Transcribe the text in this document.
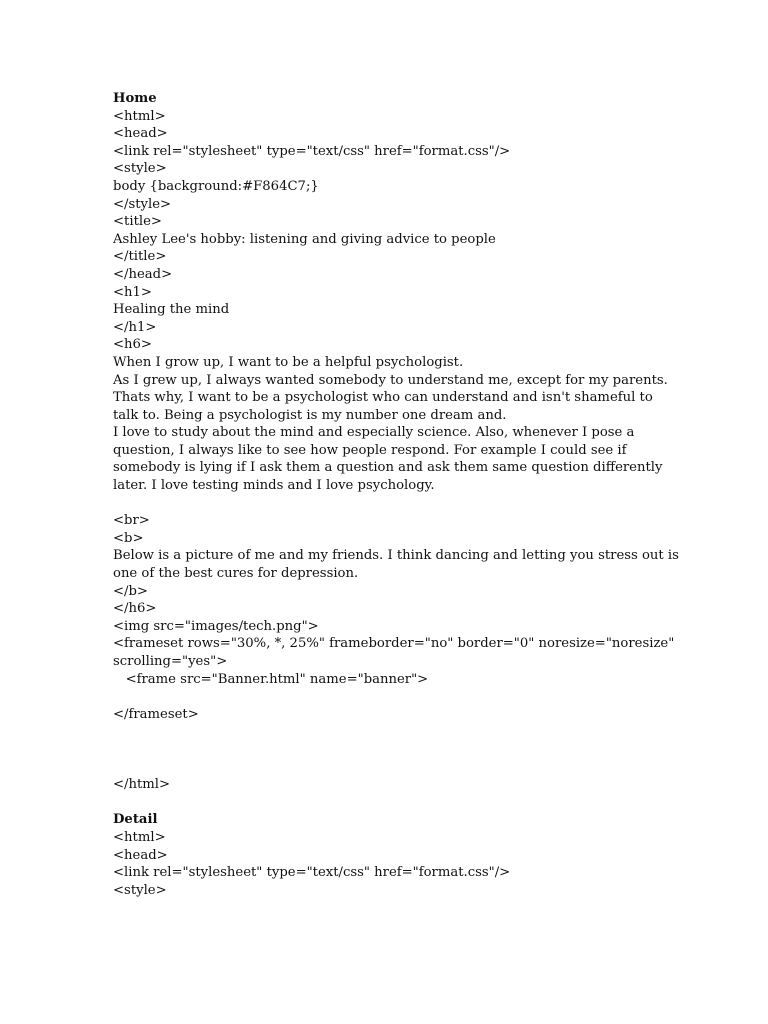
Home
<html>
<head>
<link rel="stylesheet" type="text/css" href="format.css"/>
<style>
body {background:#F864C7;}
</style>
<title>
Ashley Lee's hobby: listening and giving advice to people
</title>
</head>
<h1>
Healing the mind
</h1>
<h6>
When I grow up, I want to be a helpful psychologist.
As I grew up, I always wanted somebody to understand me, except for my parents.
Thats why, I want to be a psychologist who can understand and isn't shameful to
talk to. Being a psychologist is my number one dream and.
I love to study about the mind and especially science. Also, whenever I pose a
question, I always like to see how people respond. For example I could see if
somebody is lying if I ask them a question and ask them same question differently
later. I love testing minds and I love psychology.
<br>
<b>
Below is a picture of me and my friends. I think dancing and letting you stress out is
one of the best cures for depression.
</b>
</h6>
<img src="images/tech.png">
<frameset rows="30%, *, 25%" frameborder="no" border="0" noresize="noresize"
scrolling="yes">
<frame src="Banner.html" name="banner">
</frameset>
</html>
Detail
<html>
<head>
<link rel="stylesheet" type="text/css" href="format.css"/>
<style>
